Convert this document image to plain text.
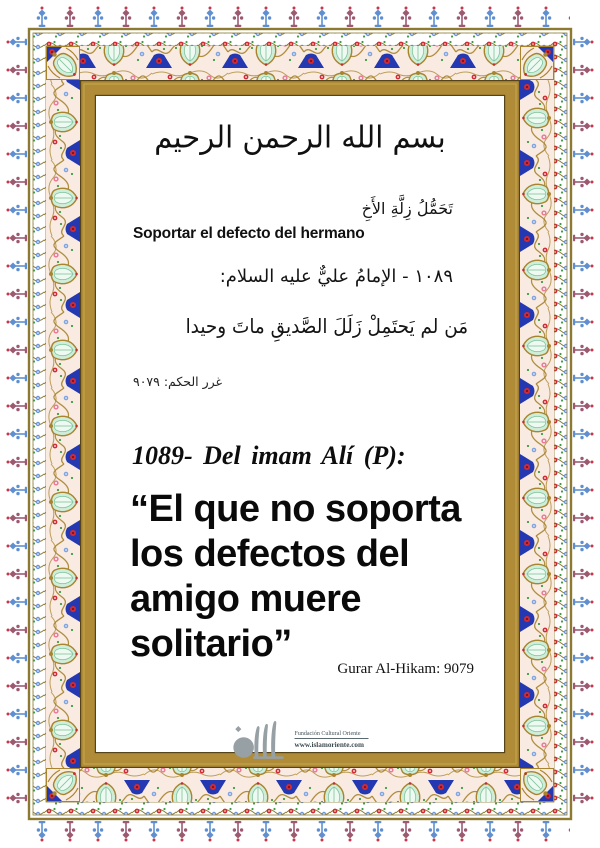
بسم الله الرحمن الرحيم
تَحَمُّلُ زِلَّةِ الأَخِ
Soportar el defecto del hermano
١٠٨٩ - الإمامُ عليٌّ عليه السلام:
مَن لم يَحتَمِلْ زَلَلَ الصَّديقِ ماتَ وحيدا
غرر الحكم: ٩٠٧٩
1089- Del imam Alí (P):
“El que no soporta
los defectos del
amigo muere
solitario”
Gurar Al-Hikam: 9079
Fundación Cultural Oriente
www.islamoriente.com
